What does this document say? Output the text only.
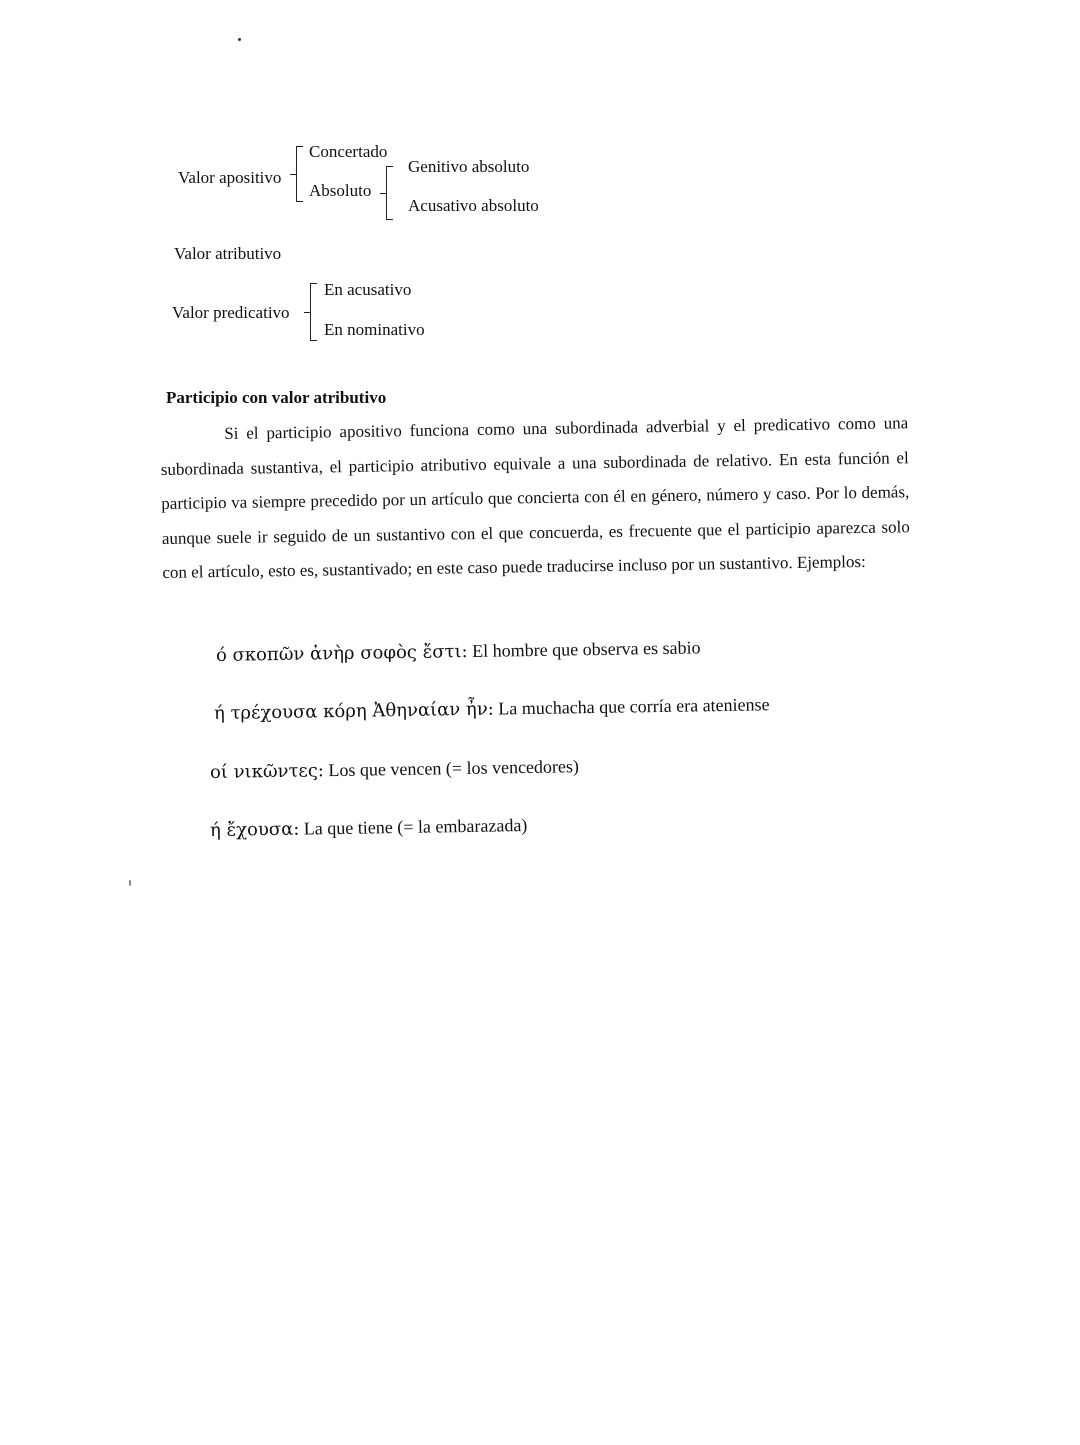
Valor apositivo
Concertado
Absoluto
Genitivo absoluto
Acusativo absoluto
Valor atributivo
Valor predicativo
En acusativo
En nominativo
Participio con valor atributivo

Si el participio apositivo funciona como una subordinada adverbial y el predicativo como una subordinada sustantiva, el participio atributivo equivale a una subordinada de relativo. En esta función el participio va siempre precedido por un artículo que concierta con él en género, número y caso. Por lo demás, aunque suele ir seguido de un sustantivo con el que concuerda, es frecuente que el participio aparezca solo con el artículo, esto es, sustantivado; en este caso puede traducirse incluso por un sustantivo. Ejemplos:

ό σκοπῶν ἀνὴρ σοφὸς ἔστι: El hombre que observa es sabio
ή τρέχουσα κόρη Ἀθηναίαν ἦν: La muchacha que corría era ateniense
οί νικῶντες: Los que vencen (= los vencedores)
ή ἔχουσα: La que tiene (= la embarazada)
